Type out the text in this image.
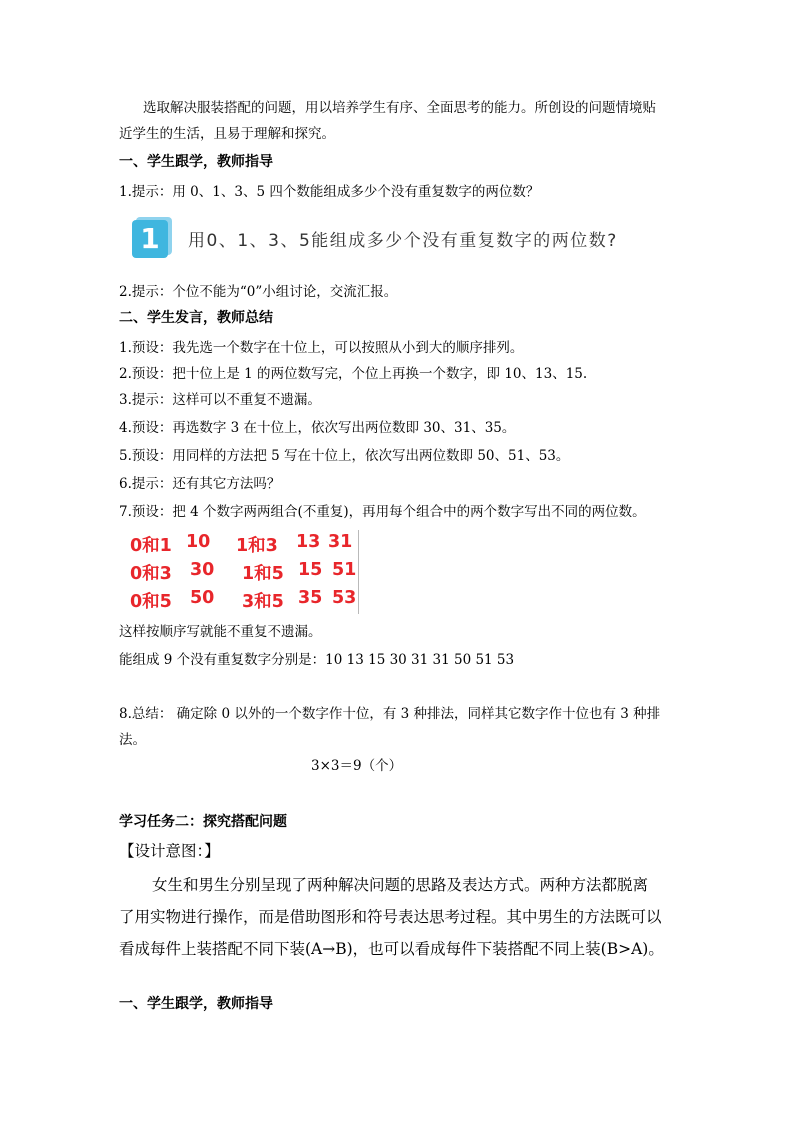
选取解决服装搭配的问题，用以培养学生有序、全面思考的能力。所创设的问题情境贴
近学生的生活，且易于理解和探究。
一、学生跟学，教师指导
1.提示：用 0、1、3、5 四个数能组成多少个没有重复数字的两位数？
1	用0、1、3、5能组成多少个没有重复数字的两位数?
2.提示：个位不能为“0”小组讨论，交流汇报。
二、学生发言，教师总结
1.预设：我先选一个数字在十位上，可以按照从小到大的顺序排列。
2.预设：把十位上是 1 的两位数写完，个位上再换一个数字，即 10、13、15.
3.提示：这样可以不重复不遗漏。
4.预设：再选数字 3 在十位上，依次写出两位数即 30、31、35。
5.预设：用同样的方法把 5 写在十位上，依次写出两位数即 50、51、53。
6.提示：还有其它方法吗？
7.预设：把 4 个数字两两组合(不重复)，再用每个组合中的两个数字写出不同的两位数。
0和1 10 1和3 13 31
0和3 30 1和5 15 51
0和5 50 3和5 35 53
这样按顺序写就能不重复不遗漏。
能组成 9 个没有重复数字分别是：10 13 15 30 31 31 50 51 53
8.总结： 确定除 0 以外的一个数字作十位，有 3 种排法，同样其它数字作十位也有 3 种排
法。
3×3＝9（个）
学习任务二：探究搭配问题
【设计意图：】
女生和男生分别呈现了两种解决问题的思路及表达方式。两种方法都脱离
了用实物进行操作，而是借助图形和符号表达思考过程。其中男生的方法既可以
看成每件上装搭配不同下装(A→B)，也可以看成每件下装搭配不同上装(B>A)。
一、学生跟学，教师指导
